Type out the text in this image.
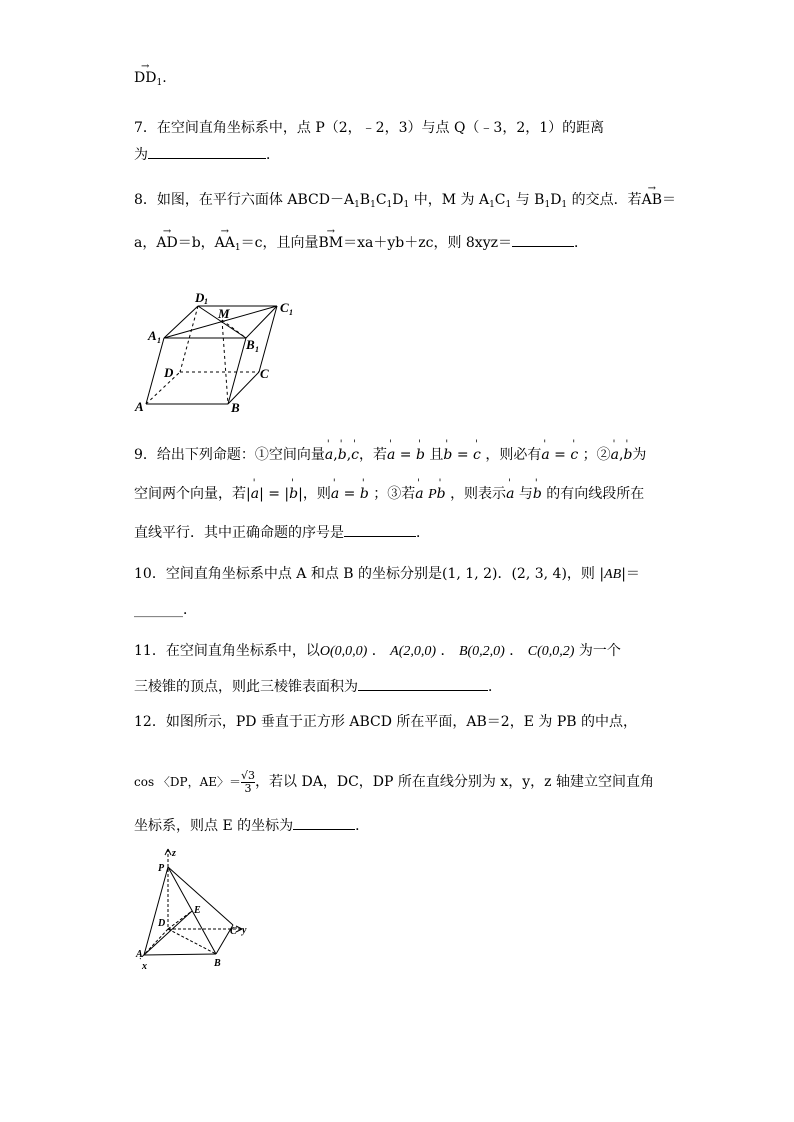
→ $DD_1$.
7．在空间直角坐标系中，点 P（2，﹣2，3）与点 Q（﹣3，2，1）的距离
为	．
8．如图，在平行六面体 $ABCD-A_1B_1C_1D_1$ 中，M 为 $A_1C_1$ 与 $B_1D_1$ 的交点．若→ AB＝
a，→ AD＝b，→ $AA_1=c$，且向量→ BM＝xa＋yb＋zc，则 8xyz＝	．
D 1
M	C 1
A 1	B 1
D	C
A	B
9．给出下列命题：①空间向量' a,' b,' c，若' a = ' b 且' b = ' c ，则必有' a = ' c ；②' a,' b为
空间两个向量，若|' a| = |' b|，则' a = ' b ；③若' a P' b ，则表示' a 与' b 的有向线段所在
直线平行．其中正确命题的序号是	．
10．空间直角坐标系中点 A 和点 B 的坐标分别是(1, 1, 2)．(2, 3, 4)，则 |AB|＝
_______．
11．在空间直角坐标系中，以O(0,0,0) ． A(2,0,0) ． B(0,2,0) ． C(0,0,2) 为一个
三棱锥的顶点，则此三棱锥表面积为	．
12．如图所示，PD 垂直于正方形 ABCD 所在平面，AB＝2，E 为 PB 的中点，
cos 〈DP，AE〉＝ $\frac{√3}{3}$ ，若以 DA，DC，DP 所在直线分别为 x，y，z 轴建立空间直角
坐标系，则点 E 的坐标为	．
z
P
E
D
C y
A
x	B
